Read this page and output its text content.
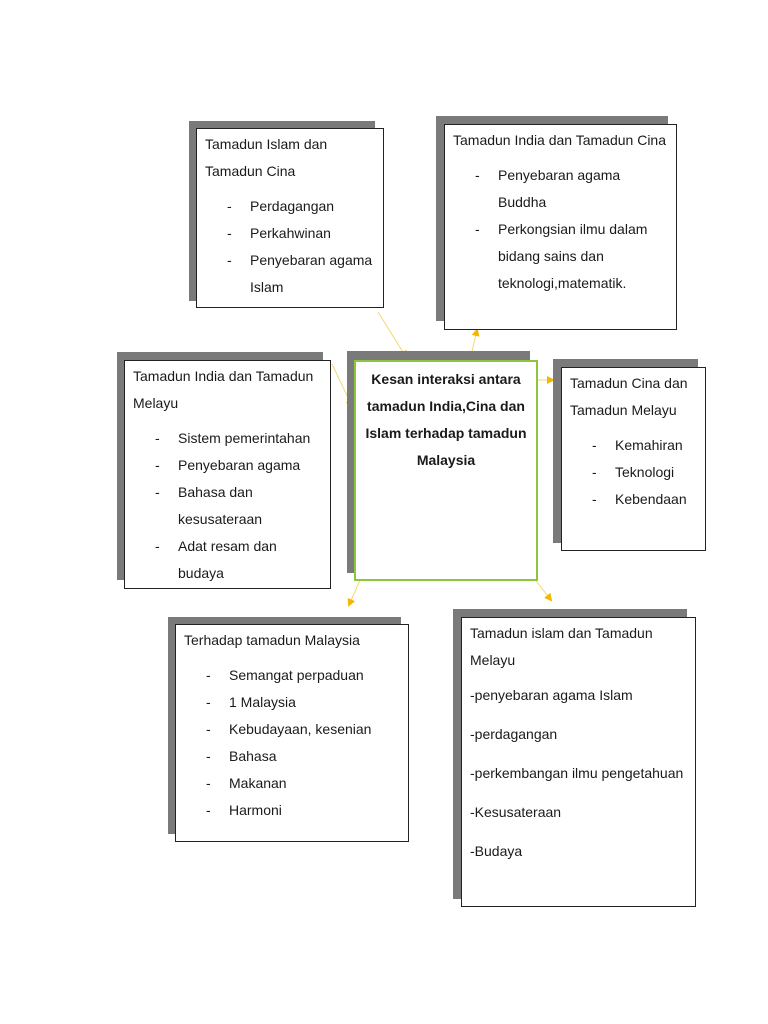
Tamadun Islam dan Tamadun Cina
- Perdagangan
- Perkahwinan
- Penyebaran agama Islam
Tamadun India dan Tamadun Cina
- Penyebaran agama Buddha
- Perkongsian ilmu dalam bidang sains dan teknologi,matematik.
Kesan interaksi antara tamadun India,Cina dan Islam terhadap tamadun Malaysia
Tamadun India dan Tamadun Melayu
- Sistem pemerintahan
- Penyebaran agama
- Bahasa dan kesusateraan
- Adat resam dan budaya
Tamadun Cina dan Tamadun Melayu
- Kemahiran
- Teknologi
- Kebendaan
Terhadap tamadun Malaysia
- Semangat perpaduan
- 1 Malaysia
- Kebudayaan, kesenian
- Bahasa
- Makanan
- Harmoni
Tamadun islam dan Tamadun Melayu
-penyebaran agama Islam
-perdagangan
-perkembangan ilmu pengetahuan
-Kesusateraan
-Budaya
